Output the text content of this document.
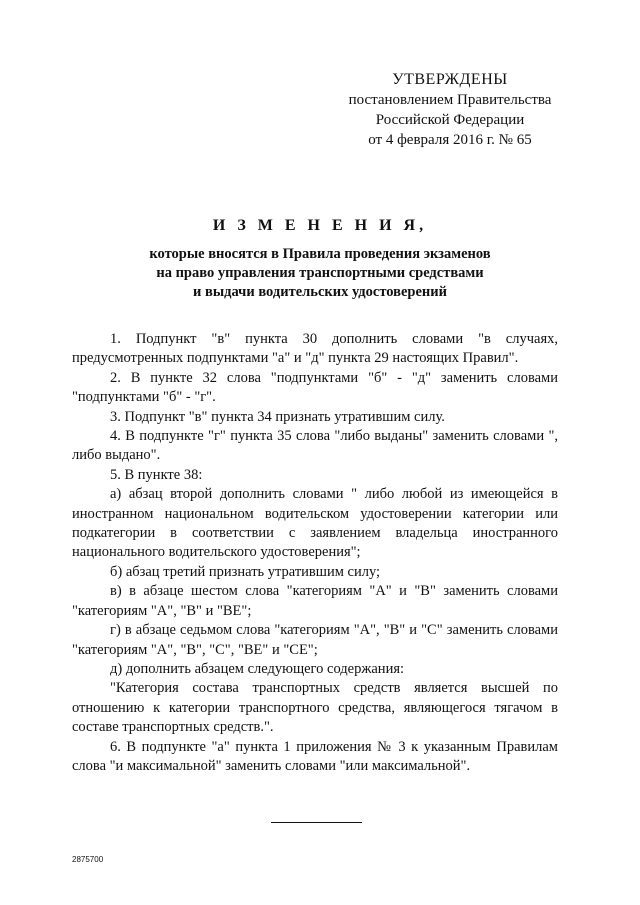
УТВЕРЖДЕНЫ
постановлением Правительства
Российской Федерации
от 4 февраля 2016 г. № 65
И З М Е Н Е Н И Я,
которые вносятся в Правила проведения экзаменов
на право управления транспортными средствами
и выдачи водительских удостоверений

1. Подпункт "в" пункта 30 дополнить словами "в случаях, предусмотренных подпунктами "а" и "д" пункта 29 настоящих Правил".

2. В пункте 32 слова "подпунктами "б" - "д" заменить словами "подпунктами "б" - "г".

3. Подпункт "в" пункта 34 признать утратившим силу.

4. В подпункте "г" пункта 35 слова "либо выданы" заменить словами ", либо выдано".

5. В пункте 38:

а) абзац второй дополнить словами " либо любой из имеющейся в иностранном национальном водительском удостоверении категории или подкатегории в соответствии с заявлением владельца иностранного национального водительского удостоверения";

б) абзац третий признать утратившим силу;

в) в абзаце шестом слова "категориям "А" и "В" заменить словами "категориям "А", "В" и "ВЕ";

г) в абзаце седьмом слова "категориям "А", "В" и "С" заменить словами "категориям "А", "В", "С", "ВЕ" и "СЕ";

д) дополнить абзацем следующего содержания:

"Категория состава транспортных средств является высшей по отношению к категории транспортного средства, являющегося тягачом в составе транспортных средств.".

6. В подпункте "а" пункта 1 приложения № 3 к указанным Правилам слова "и максимальной" заменить словами "или максимальной".

2875700
